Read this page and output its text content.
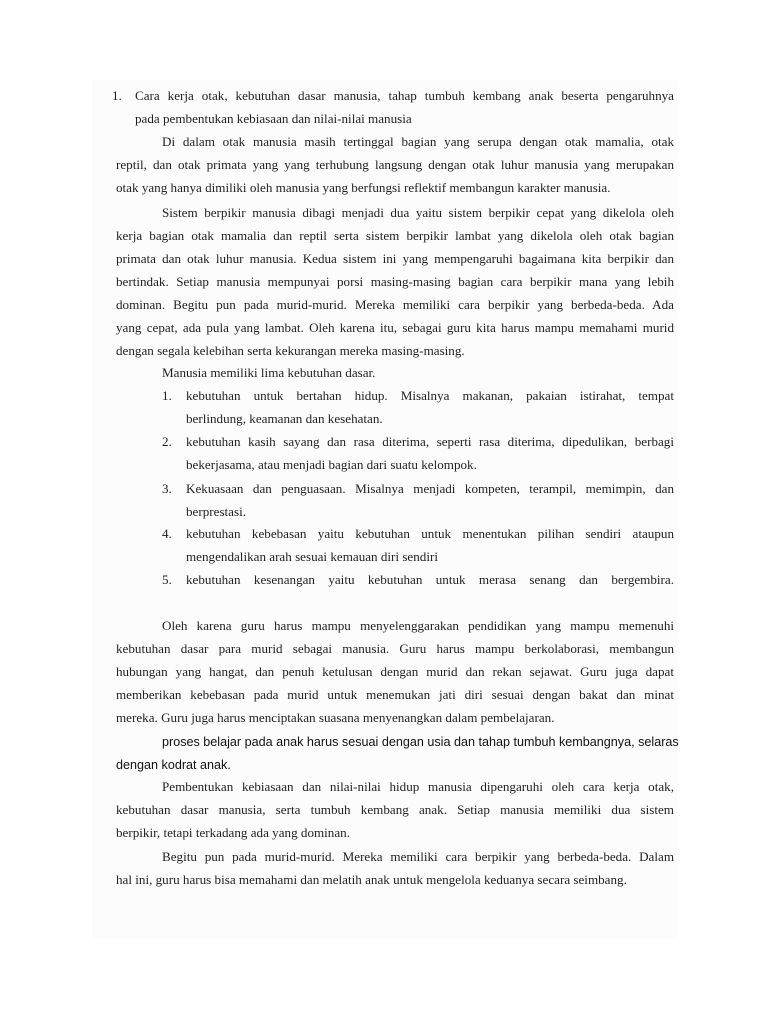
1. Cara kerja otak, kebutuhan dasar manusia, tahap tumbuh kembang anak beserta pengaruhnya
pada pembentukan kebiasaan dan nilai-nilai manusia
Di dalam otak manusia masih tertinggal bagian yang serupa dengan otak mamalia, otak
reptil, dan otak primata yang yang terhubung langsung dengan otak luhur manusia yang merupakan
otak yang hanya dimiliki oleh manusia yang berfungsi reflektif membangun karakter manusia.
Sistem berpikir manusia dibagi menjadi dua yaitu sistem berpikir cepat yang dikelola oleh
kerja bagian otak mamalia dan reptil serta sistem berpikir lambat yang dikelola oleh otak bagian
primata dan otak luhur manusia. Kedua sistem ini yang mempengaruhi bagaimana kita berpikir dan
bertindak. Setiap manusia mempunyai porsi masing-masing bagian cara berpikir mana yang lebih
dominan. Begitu pun pada murid-murid. Mereka memiliki cara berpikir yang berbeda-beda. Ada
yang cepat, ada pula yang lambat. Oleh karena itu, sebagai guru kita harus mampu memahami murid
dengan segala kelebihan serta kekurangan mereka masing-masing.
Manusia memiliki lima kebutuhan dasar.
1. kebutuhan untuk bertahan hidup. Misalnya makanan, pakaian istirahat, tempat
berlindung, keamanan dan kesehatan.
2. kebutuhan kasih sayang dan rasa diterima, seperti rasa diterima, dipedulikan, berbagi
bekerjasama, atau menjadi bagian dari suatu kelompok.
3. Kekuasaan dan penguasaan. Misalnya menjadi kompeten, terampil, memimpin, dan
berprestasi.
4. kebutuhan kebebasan yaitu kebutuhan untuk menentukan pilihan sendiri ataupun
mengendalikan arah sesuai kemauan diri sendiri
5. kebutuhan kesenangan yaitu kebutuhan untuk merasa senang dan bergembira.
Oleh karena guru harus mampu menyelenggarakan pendidikan yang mampu memenuhi
kebutuhan dasar para murid sebagai manusia. Guru harus mampu berkolaborasi, membangun
hubungan yang hangat, dan penuh ketulusan dengan murid dan rekan sejawat. Guru juga dapat
memberikan kebebasan pada murid untuk menemukan jati diri sesuai dengan bakat dan minat
mereka. Guru juga harus menciptakan suasana menyenangkan dalam pembelajaran.
proses belajar pada anak harus sesuai dengan usia dan tahap tumbuh kembangnya, selaras
dengan kodrat anak.
Pembentukan kebiasaan dan nilai-nilai hidup manusia dipengaruhi oleh cara kerja otak,
kebutuhan dasar manusia, serta tumbuh kembang anak. Setiap manusia memiliki dua sistem
berpikir, tetapi terkadang ada yang dominan.
Begitu pun pada murid-murid. Mereka memiliki cara berpikir yang berbeda-beda. Dalam
hal ini, guru harus bisa memahami dan melatih anak untuk mengelola keduanya secara seimbang.
